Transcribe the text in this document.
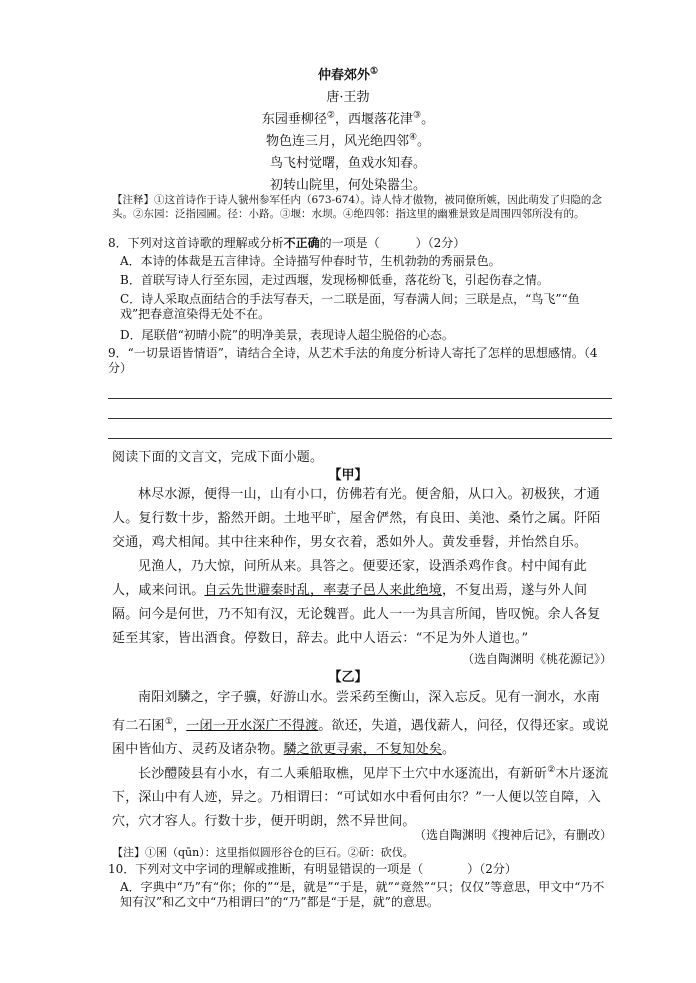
仲春郊外①
唐·王勃
东园垂柳径②，西堰落花津③。
物色连三月，风光绝四邻④。
鸟飞村觉曙，鱼戏水知春。
初转山院里，何处染嚣尘。
【注释】①这首诗作于诗人虢州参军任内（673-674）。诗人恃才傲物，被同僚所嫉，因此萌发了归隐的念头。②东园：泛指园圃。径：小路。③堰：水坝。④绝四邻：指这里的幽雅景致是周围四邻所没有的。
8．下列对这首诗歌的理解或分析不正确的一项是（	）（2分）
A．本诗的体裁是五言律诗。全诗描写仲春时节，生机勃勃的秀丽景色。
B．首联写诗人行至东园，走过西堰，发现杨柳低垂，落花纷飞，引起伤春之情。
C．诗人采取点面结合的手法写春天，一二联是面，写春满人间；三联是点，“鸟飞”“鱼戏”把春意渲染得无处不在。
D．尾联借“初晴小院”的明净美景，表现诗人超尘脱俗的心态。
9．“一切景语皆情语”，请结合全诗，从艺术手法的角度分析诗人寄托了怎样的思想感情。（4分）
阅读下面的文言文，完成下面小题。
【甲】
林尽水源，便得一山，山有小口，仿佛若有光。便舍船，从口入。初极狭，才通人。复行数十步，豁然开朗。土地平旷，屋舍俨然，有良田、美池、桑竹之属。阡陌交通，鸡犬相闻。其中往来种作，男女衣着，悉如外人。黄发垂髫，并怡然自乐。
见渔人，乃大惊，问所从来。具答之。便要还家，设酒杀鸡作食。村中闻有此人，咸来问讯。自云先世避秦时乱，率妻子邑人来此绝境，不复出焉，遂与外人间隔。问今是何世，乃不知有汉，无论魏晋。此人一一为具言所闻，皆叹惋。余人各复延至其家，皆出酒食。停数日，辞去。此中人语云：“不足为外人道也。”
（选自陶渊明《桃花源记》）
【乙】
南阳刘驎之，字子骥，好游山水。尝采药至衡山，深入忘反。见有一涧水，水南有二石囷①，一闭一开水深广不得渡。欲还，失道，遇伐薪人，问径，仅得还家。或说囷中皆仙方、灵药及诸杂物。驎之欲更寻索，不复知处矣。
长沙醴陵县有小水，有二人乘船取樵，见岸下土穴中水逐流出，有新斫②木片逐流下，深山中有人迹，异之。乃相谓曰：“可试如水中看何由尔？”一人便以笠自障，入穴，穴才容人。行数十步，便开明朗，然不异世间。
（选自陶渊明《搜神后记》，有删改）
【注】①囷（qūn）：这里指似圆形谷仓的巨石。②斫：砍伐。
10．下列对文中字词的理解或推断，有明显错误的一项是（	）（2分）
A．字典中“乃”有“你；你的”“是，就是”“于是，就”“竟然”“只；仅仅”等意思，甲文中“乃不知有汉”和乙文中“乃相谓曰”的“乃”都是“于是，就”的意思。
